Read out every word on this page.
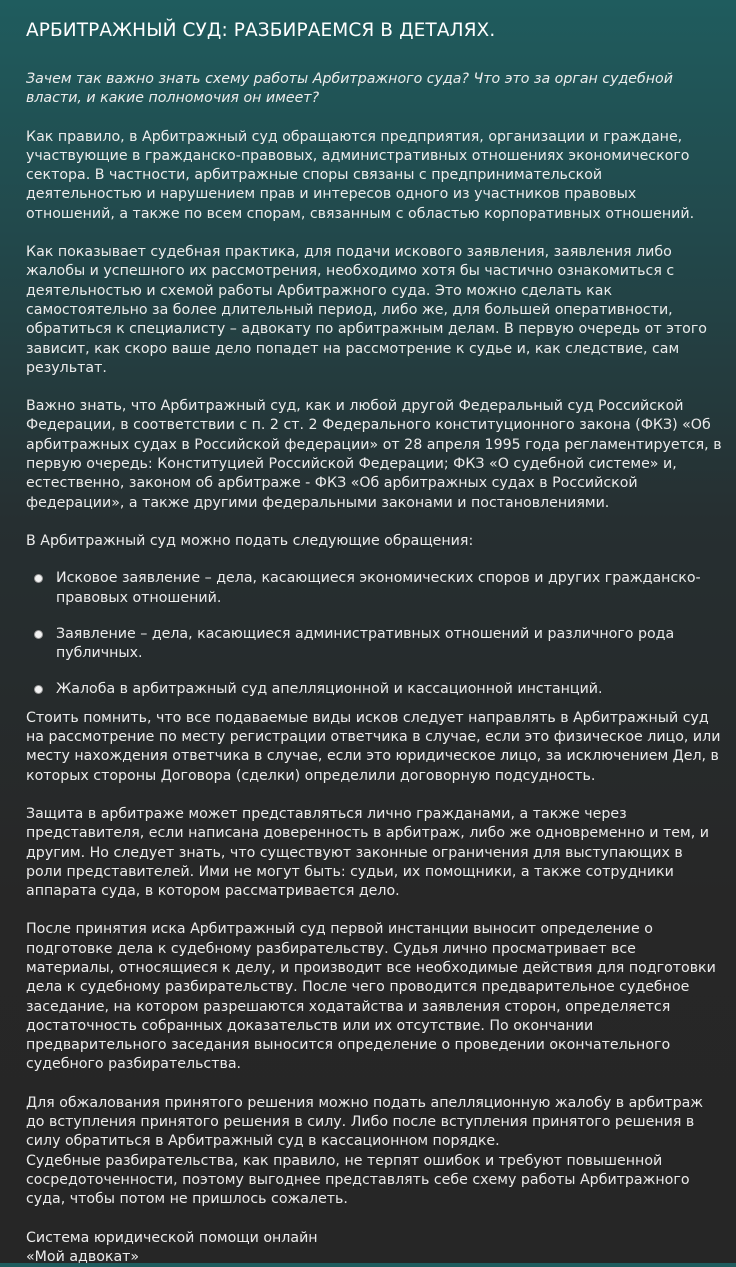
АРБИТРАЖНЫЙ СУД: РАЗБИРАЕМСЯ В ДЕТАЛЯХ.

Зачем так важно знать схему работы Арбитражного суда? Что это за орган судебной власти, и какие полномочия он имеет?

Как правило, в Арбитражный суд обращаются предприятия, организации и граждане, участвующие в гражданско-правовых, административных отношениях экономического сектора. В частности, арбитражные споры связаны с предпринимательской деятельностью и нарушением прав и интересов одного из участников правовых отношений, а также по всем спорам, связанным с областью корпоративных отношений.

Как показывает судебная практика, для подачи искового заявления, заявления либо жалобы и успешного их рассмотрения, необходимо хотя бы частично ознакомиться с деятельностью и схемой работы Арбитражного суда. Это можно сделать как самостоятельно за более длительный период, либо же, для большей оперативности, обратиться к специалисту – адвокату по арбитражным делам. В первую очередь от этого зависит, как скоро ваше дело попадет на рассмотрение к судье и, как следствие, сам результат.

Важно знать, что Арбитражный суд, как и любой другой Федеральный суд Российской Федерации, в соответствии с п. 2 ст. 2 Федерального конституционного закона (ФКЗ) «Об арбитражных судах в Российской федерации» от 28 апреля 1995 года регламентируется, в первую очередь: Конституцией Российской Федерации; ФКЗ «О судебной системе» и, естественно, законом об арбитраже - ФКЗ «Об арбитражных судах в Российской федерации», а также другими федеральными законами и постановлениями.

В Арбитражный суд можно подать следующие обращения:

Исковое заявление – дела, касающиеся экономических споров и других гражданско-правовых отношений.
Заявление – дела, касающиеся административных отношений и различного рода публичных.
Жалоба в арбитражный суд апелляционной и кассационной инстанций.

Стоить помнить, что все подаваемые виды исков следует направлять в Арбитражный суд на рассмотрение по месту регистрации ответчика в случае, если это физическое лицо, или месту нахождения ответчика в случае, если это юридическое лицо, за исключением Дел, в которых стороны Договора (сделки) определили договорную подсудность.

Защита в арбитраже может представляться лично гражданами, а также через представителя, если написана доверенность в арбитраж, либо же одновременно и тем, и другим. Но следует знать, что существуют законные ограничения для выступающих в роли представителей. Ими не могут быть: судьи, их помощники, а также сотрудники аппарата суда, в котором рассматривается дело.

После принятия иска Арбитражный суд первой инстанции выносит определение о подготовке дела к судебному разбирательству. Судья лично просматривает все материалы, относящиеся к делу, и производит все необходимые действия для подготовки дела к судебному разбирательству. После чего проводится предварительное судебное заседание, на котором разрешаются ходатайства и заявления сторон, определяется достаточность собранных доказательств или их отсутствие. По окончании предварительного заседания выносится определение о проведении окончательного судебного разбирательства.

Для обжалования принятого решения можно подать апелляционную жалобу в арбитраж до вступления принятого решения в силу. Либо после вступления принятого решения в силу обратиться в Арбитражный суд в кассационном порядке.

Судебные разбирательства, как правило, не терпят ошибок и требуют повышенной сосредоточенности, поэтому выгоднее представлять себе схему работы Арбитражного суда, чтобы потом не пришлось сожалеть.

Система юридической помощи онлайн

«Мой адвокат»
